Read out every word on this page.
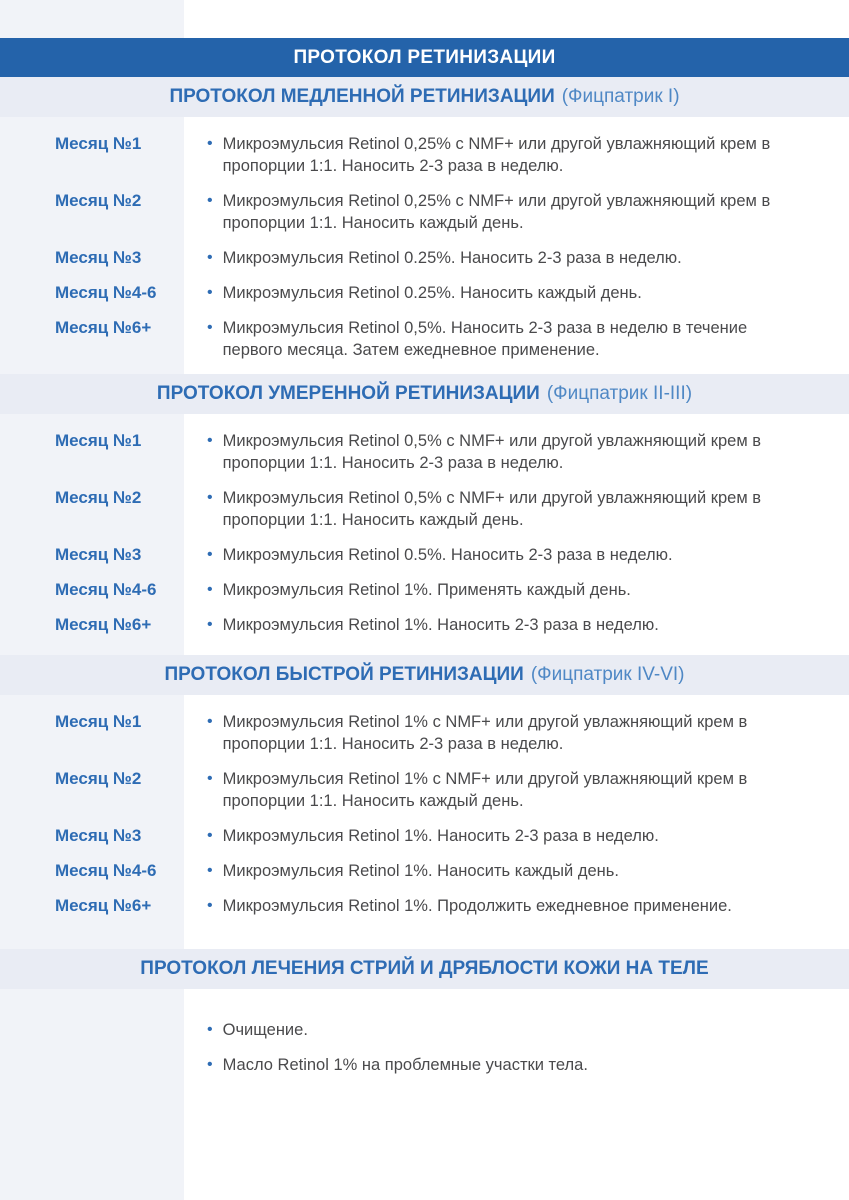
ПРОТОКОЛ РЕТИНИЗАЦИИ
ПРОТОКОЛ МЕДЛЕННОЙ РЕТИНИЗАЦИИ (Фицпатрик I)
Месяц №1	• Микроэмульсия Retinol 0,25% с NMF+ или другой увлажняющий крем в пропорции 1:1. Наносить 2-3 раза в неделю.
Месяц №2	• Микроэмульсия Retinol 0,25% с NMF+ или другой увлажняющий крем в пропорции 1:1. Наносить каждый день.
Месяц №3	• Микроэмульсия Retinol 0.25%. Наносить 2-3 раза в неделю.
Месяц №4-6	• Микроэмульсия Retinol 0.25%. Наносить каждый день.
Месяц №6+	• Микроэмульсия Retinol 0,5%. Наносить 2-3 раза в неделю в течение первого месяца. Затем ежедневное применение.
ПРОТОКОЛ УМЕРЕННОЙ РЕТИНИЗАЦИИ (Фицпатрик II-III)
Месяц №1	• Микроэмульсия Retinol 0,5% с NMF+ или другой увлажняющий крем в пропорции 1:1. Наносить 2-3 раза в неделю.
Месяц №2	• Микроэмульсия Retinol 0,5% с NMF+ или другой увлажняющий крем в пропорции 1:1. Наносить каждый день.
Месяц №3	• Микроэмульсия Retinol 0.5%. Наносить 2-3 раза в неделю.
Месяц №4-6	• Микроэмульсия Retinol 1%. Применять каждый день.
Месяц №6+	• Микроэмульсия Retinol 1%. Наносить 2-3 раза в неделю.
ПРОТОКОЛ БЫСТРОЙ РЕТИНИЗАЦИИ (Фицпатрик IV-VI)
Месяц №1	• Микроэмульсия Retinol 1% с NMF+ или другой увлажняющий крем в пропорции 1:1. Наносить 2-3 раза в неделю.
Месяц №2	• Микроэмульсия Retinol 1% с NMF+ или другой увлажняющий крем в пропорции 1:1. Наносить каждый день.
Месяц №3	• Микроэмульсия Retinol 1%. Наносить 2-3 раза в неделю.
Месяц №4-6	• Микроэмульсия Retinol 1%. Наносить каждый день.
Месяц №6+	• Микроэмульсия Retinol 1%. Продолжить ежедневное применение.
ПРОТОКОЛ ЛЕЧЕНИЯ СТРИЙ И ДРЯБЛОСТИ КОЖИ НА ТЕЛЕ
• Очищение.
• Масло Retinol 1% на проблемные участки тела.
